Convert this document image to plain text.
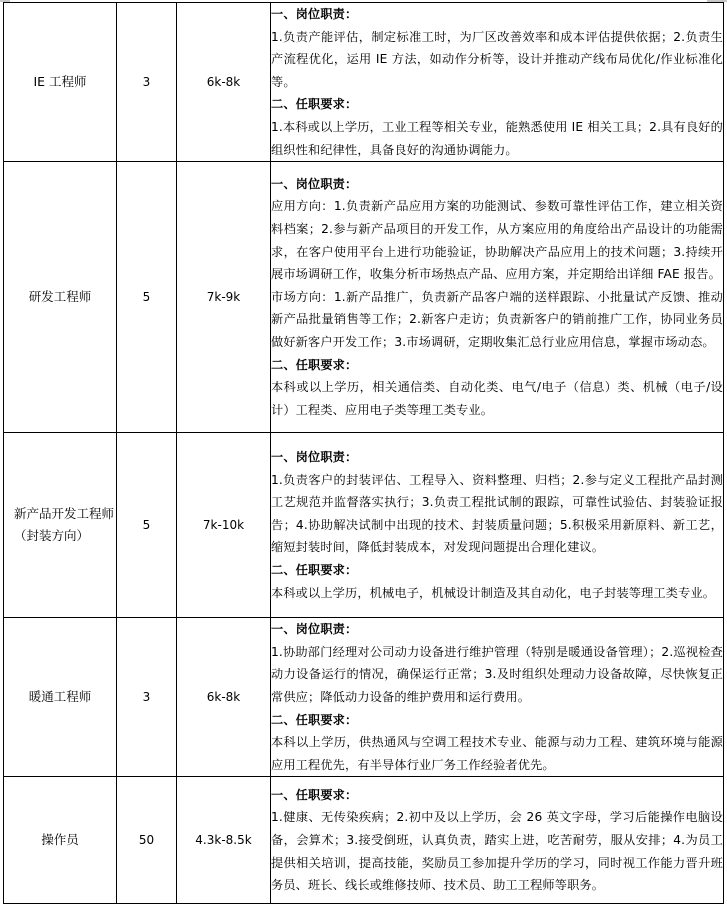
IE 工程师	3	6k-8k	一、岗位职责：
1.负责产能评估，制定标准工时，为厂区改善效率和成本评估提供依据；2.负责生产流程优化，运用 IE 方法，如动作分析等，设计并推动产线布局优化/作业标准化等。
二、任职要求：
1.本科或以上学历，工业工程等相关专业，能熟悉使用 IE 相关工具；2.具有良好的组织性和纪律性，具备良好的沟通协调能力。

研发工程师	5	7k-9k	一、岗位职责：
应用方向：1.负责新产品应用方案的功能测试、参数可靠性评估工作，建立相关资料档案；2.参与新产品项目的开发工作，从方案应用的角度给出产品设计的功能需求，在客户使用平台上进行功能验证，协助解决产品应用上的技术问题；3.持续开展市场调研工作，收集分析市场热点产品、应用方案，并定期给出详细 FAE 报告。
市场方向：1.新产品推广，负责新产品客户端的送样跟踪、小批量试产反馈、推动新产品批量销售等工作；2.新客户走访；负责新客户的销前推广工作，协同业务员做好新客户开发工作；3.市场调研，定期收集汇总行业应用信息，掌握市场动态。
二、任职要求：
本科或以上学历，相关通信类、自动化类、电气/电子（信息）类、机械（电子/设计）工程类、应用电子类等理工类专业。

新产品开发工程师（封装方向）	5	7k-10k	一、岗位职责：
1.负责客户的封装评估、工程导入、资料整理、归档；2.参与定义工程批产品封测工艺规范并监督落实执行；3.负责工程批试制的跟踪，可靠性试验估、封装验证报告；4.协助解决试制中出现的技术、封装质量问题；5.积极采用新原料、新工艺，缩短封装时间，降低封装成本，对发现问题提出合理化建议。
二、任职要求：
本科或以上学历，机械电子，机械设计制造及其自动化，电子封装等理工类专业。

暖通工程师	3	6k-8k	一、岗位职责：
1.协助部门经理对公司动力设备进行维护管理（特别是暖通设备管理）；2.巡视检查动力设备运行的情况，确保运行正常；3.及时组织处理动力设备故障，尽快恢复正常供应；降低动力设备的维护费用和运行费用。
二、任职要求：
本科以上学历，供热通风与空调工程技术专业、能源与动力工程、建筑环境与能源应用工程优先，有半导体行业厂务工作经验者优先。

操作员	50	4.3k-8.5k	一、任职要求：
1.健康、无传染疾病；2.初中及以上学历，会 26 英文字母，学习后能操作电脑设备，会算术；3.接受倒班，认真负责，踏实上进，吃苦耐劳，服从安排；4.为员工提供相关培训，提高技能，奖励员工参加提升学历的学习，同时视工作能力晋升班务员、班长、线长或维修技师、技术员、助工工程师等职务。
